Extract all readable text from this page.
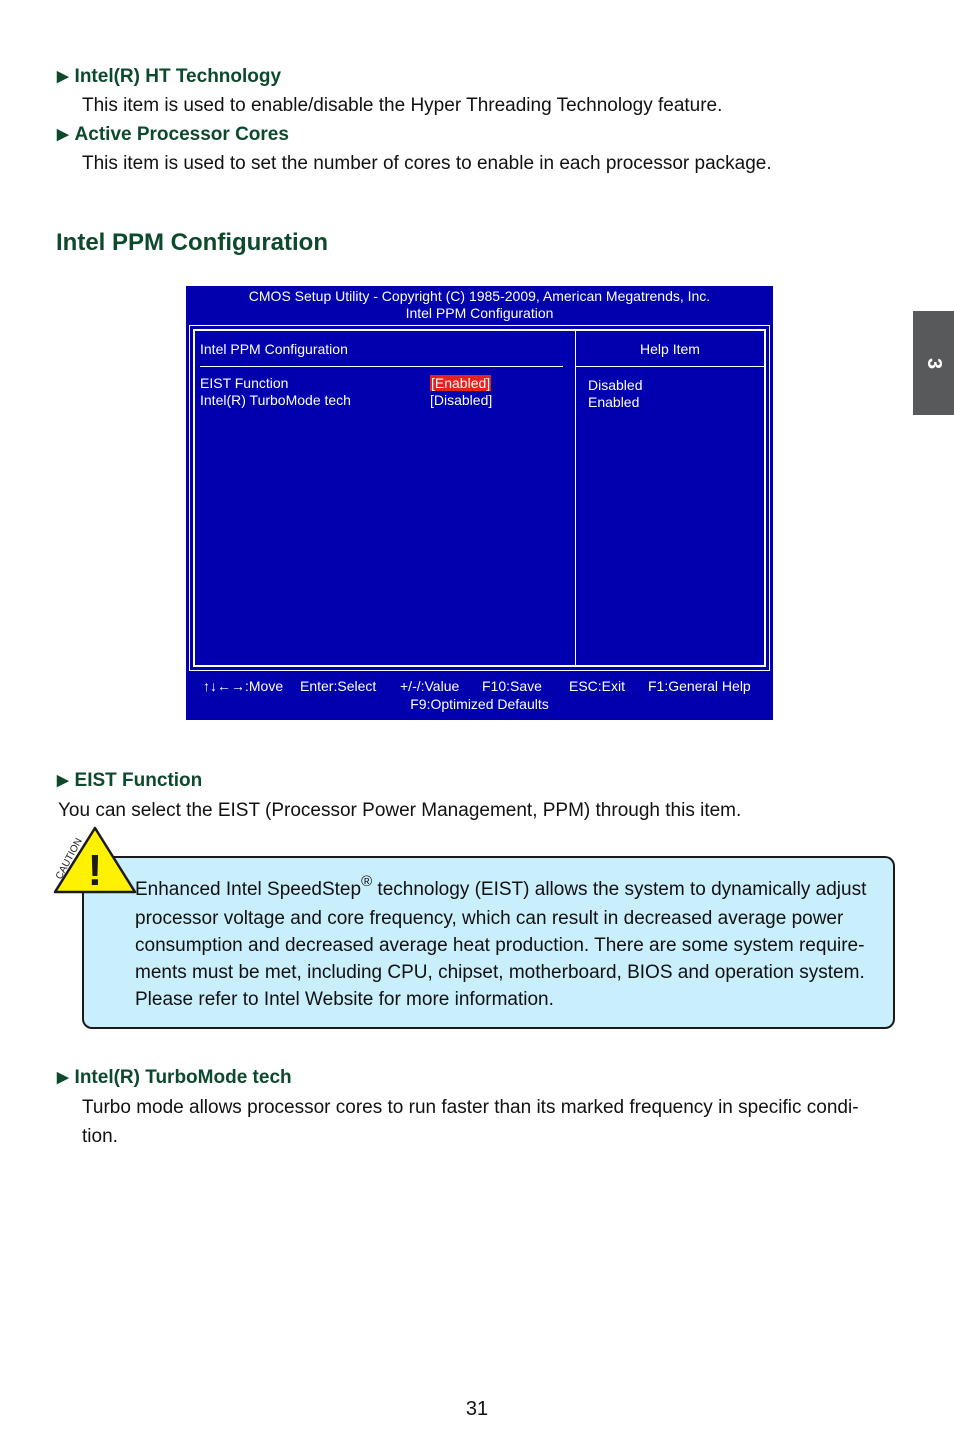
▶ Intel(R) HT Technology
This item is used to enable/disable the Hyper Threading Technology feature.
▶ Active Processor Cores
This item is used to set the number of cores to enable in each processor package.
Intel PPM Configuration
3
CMOS Setup Utility - Copyright (C) 1985-2009, American Megatrends, Inc.
Intel PPM Configuration
Intel PPM Configuration	Help Item
EIST Function	[Enabled]
Intel(R) TurboMode tech	[Disabled]
Disabled
Enabled
↑↓←→:Move Enter:Select +/-/:Value F10:Save ESC:Exit F1:General Help
F9:Optimized Defaults
▶ EIST Function
You can select the EIST (Processor Power Management, PPM) through this item.
!
CAUTION
Enhanced Intel SpeedStep® technology (EIST) allows the system to dynamically adjust
processor voltage and core frequency, which can result in decreased average power
consumption and decreased average heat production. There are some system require-
ments must be met, including CPU, chipset, motherboard, BIOS and operation system.
Please refer to Intel Website for more information.
▶ Intel(R) TurboMode tech
Turbo mode allows processor cores to run faster than its marked frequency in specific condi-
tion.
31
